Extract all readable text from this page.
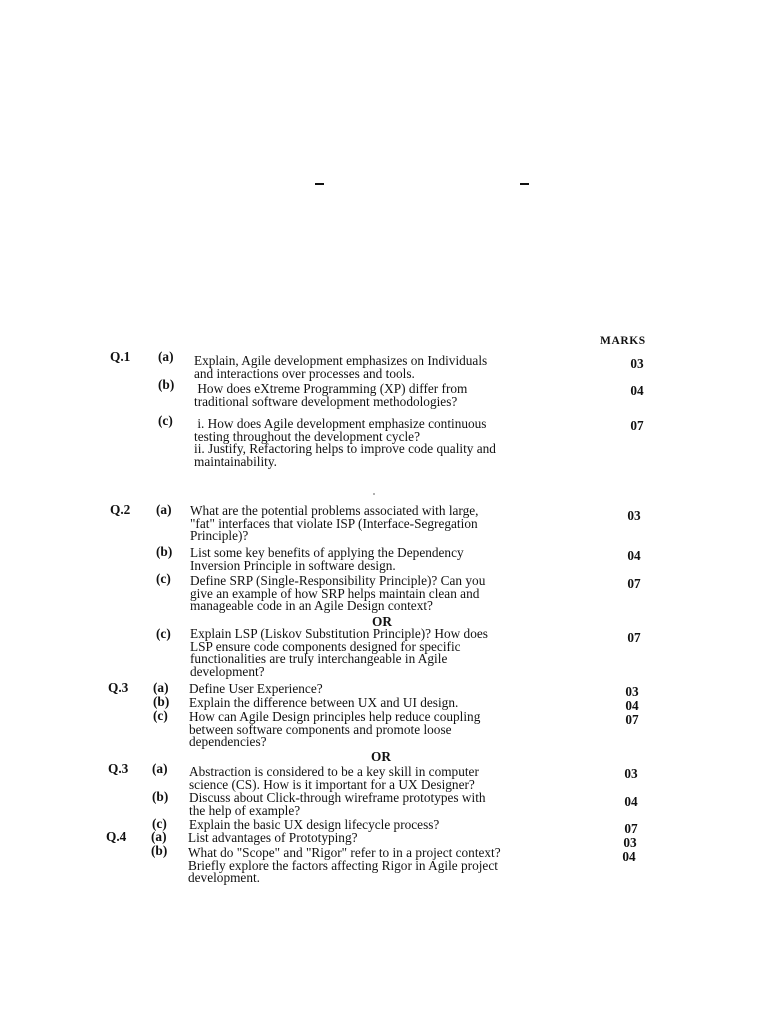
MARKS
Q.1 (a) Explain, Agile development emphasizes on Individuals
and interactions over processes and tools.
03
(b) How does eXtreme Programming (XP) differ from
traditional software development methodologies?
04
(c) i. How does Agile development emphasize continuous
testing throughout the development cycle?
ii. Justify, Refactoring helps to improve code quality and
maintainability.
07
Q.2 (a) What are the potential problems associated with large,
"fat" interfaces that violate ISP (Interface-Segregation
Principle)?
03
(b) List some key benefits of applying the Dependency
Inversion Principle in software design.
04
(c) Define SRP (Single-Responsibility Principle)? Can you
give an example of how SRP helps maintain clean and
manageable code in an Agile Design context?
07
OR
(c) Explain LSP (Liskov Substitution Principle)? How does
LSP ensure code components designed for specific
functionalities are truly interchangeable in Agile
development?
07
Q.3 (a) Define User Experience?	03
(b) Explain the difference between UX and UI design.	04
(c) How can Agile Design principles help reduce coupling
between software components and promote loose
dependencies?
07
OR
Q.3 (a) Abstraction is considered to be a key skill in computer
science (CS). How is it important for a UX Designer?
03
(b) Discuss about Click-through wireframe prototypes with
the help of example?
04
(c) Explain the basic UX design lifecycle process?	07
Q.4 (a) List advantages of Prototyping?	03
(b) What do "Scope" and "Rigor" refer to in a project context?
Briefly explore the factors affecting Rigor in Agile project
development.
04
